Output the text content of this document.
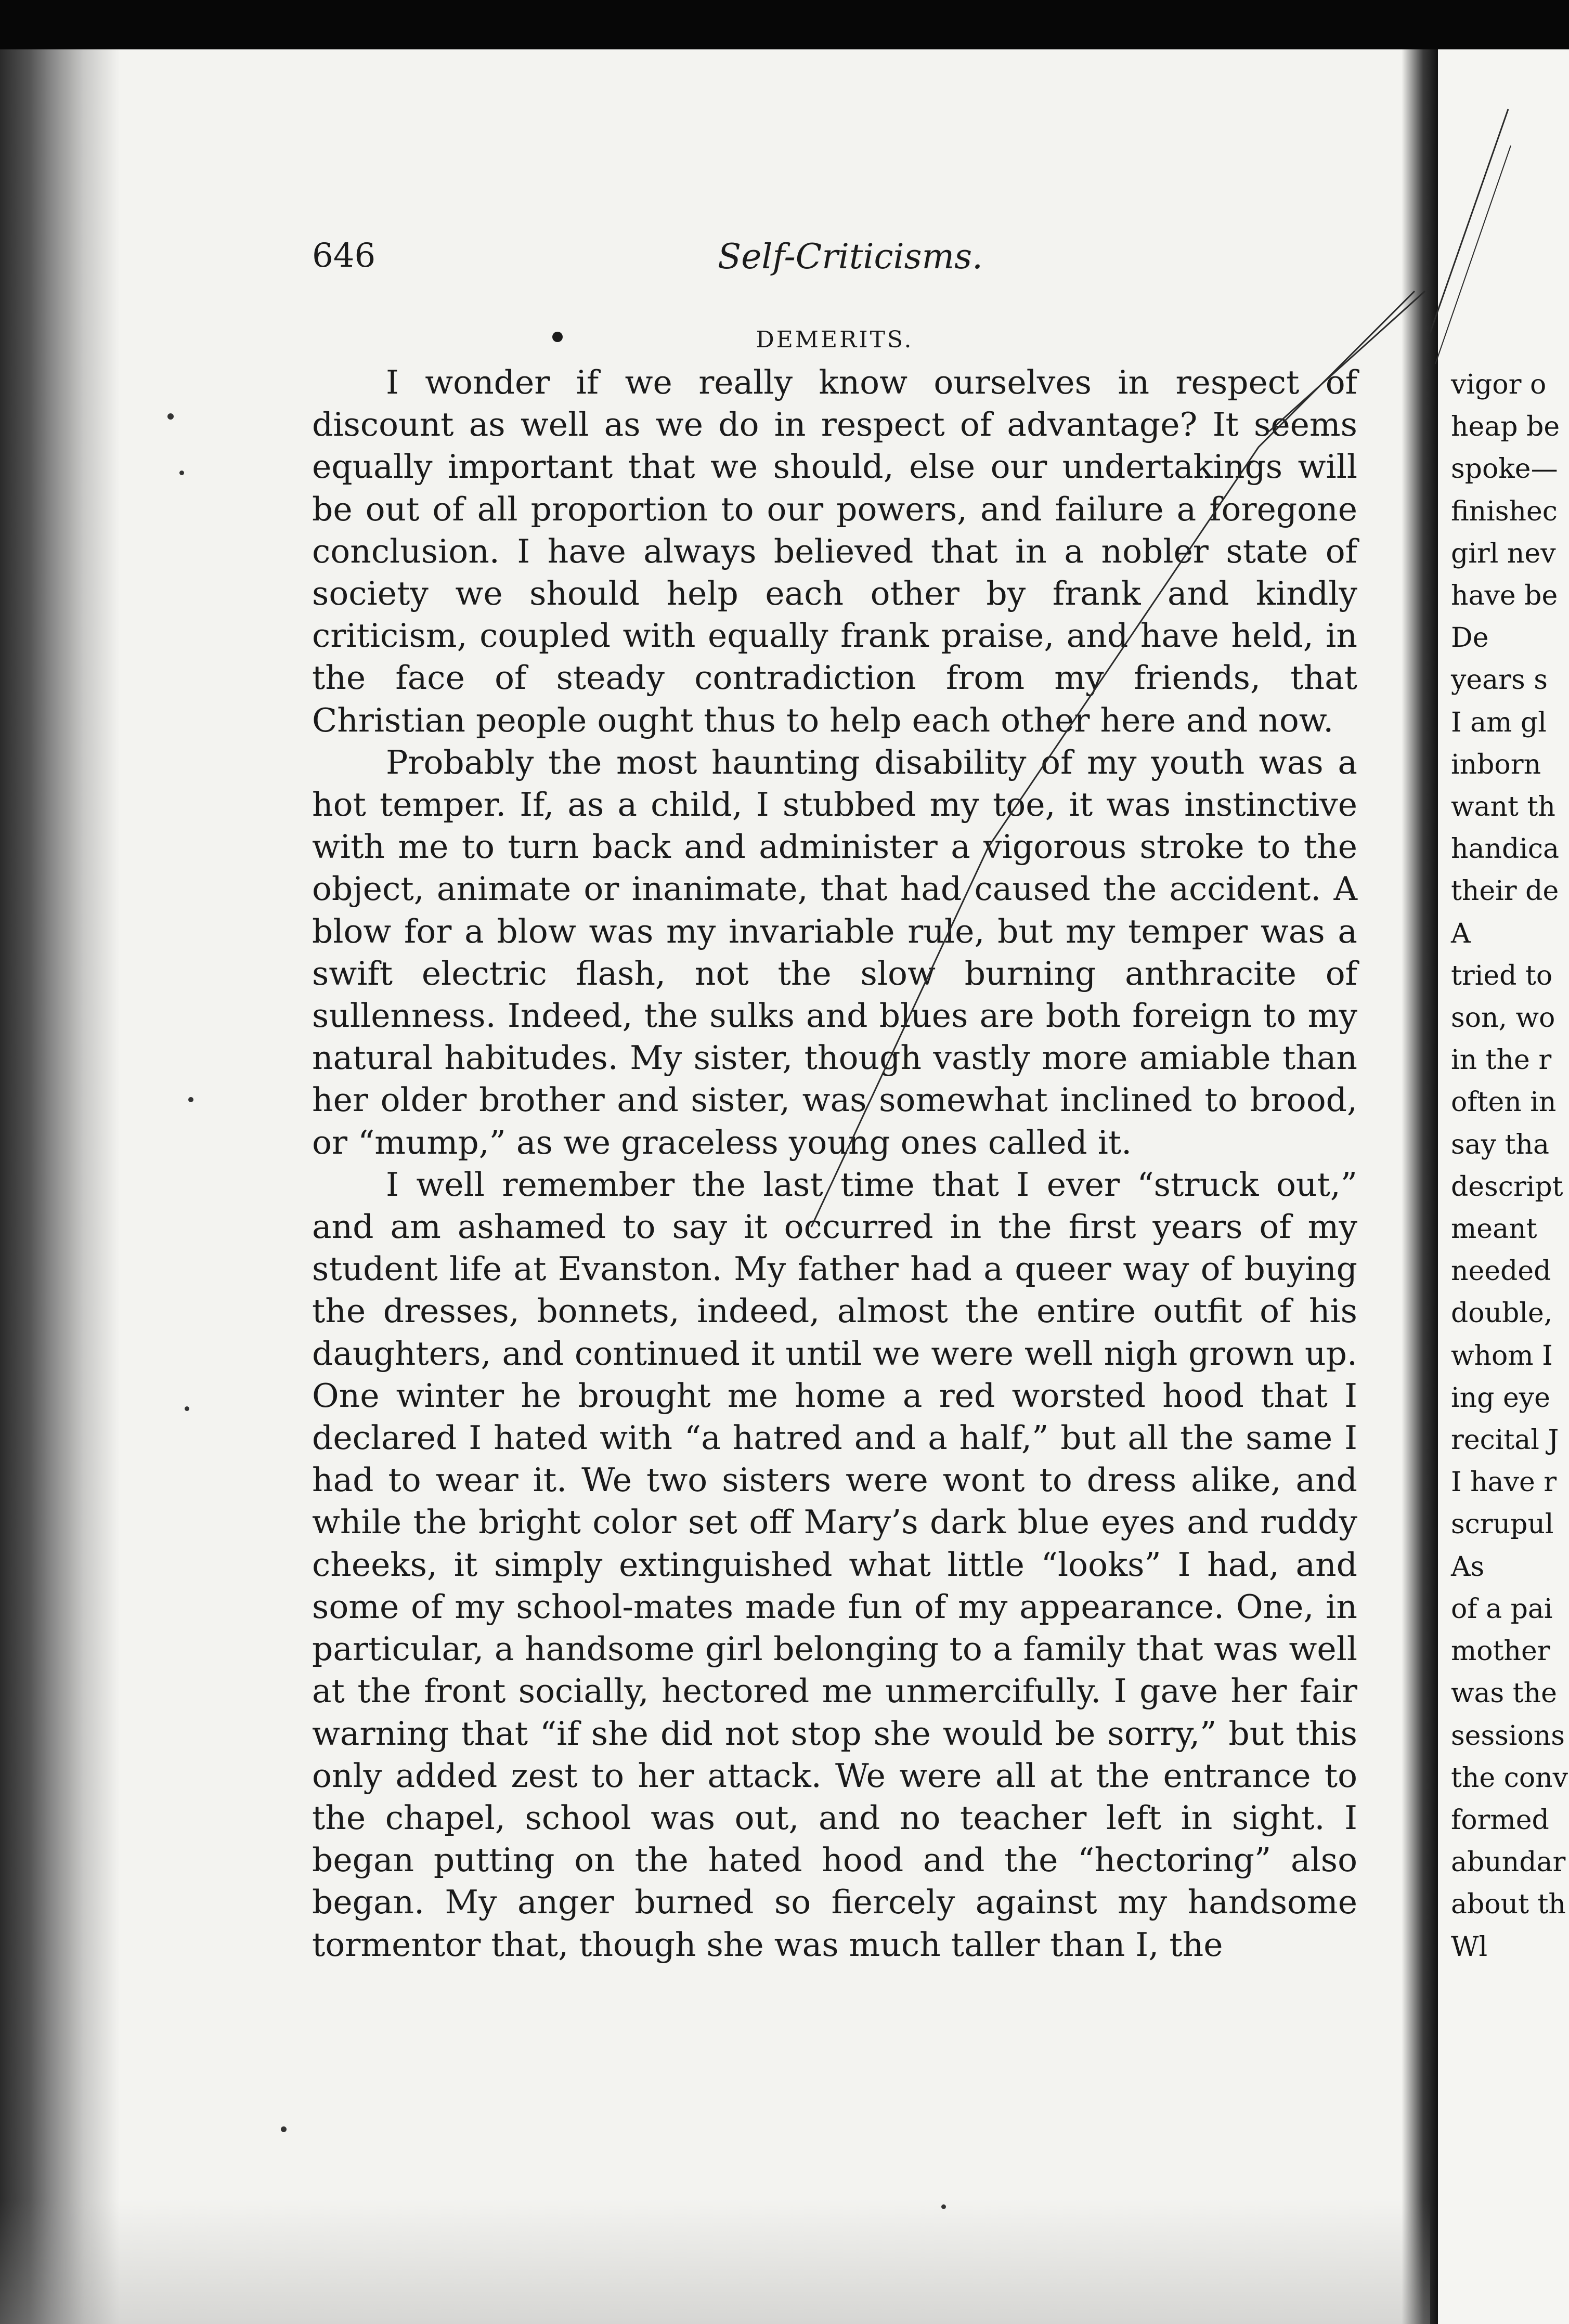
vigor o
heap be
spoke—
finishec
girl nev
have be
De
years s
I am gl
inborn
want th
handica
their de
A
tried to
son, wo
in the r
often in
say tha
descript
meant
needed
double,
whom I
ing eye
recital J
I have r
scrupul
As
of a pai
mother
was the
sessions
the conv
formed
abundar
about th
Wl
646	Self-Criticisms.
DEMERITS.

I wonder if we really know ourselves in respect of discount as well as we do in respect of advantage? It seems equally important that we should, else our undertakings will be out of all proportion to our powers, and failure a foregone conclusion. I have always believed that in a nobler state of society we should help each other by frank and kindly criticism, coupled with equally frank praise, and have held, in the face of steady contradiction from my friends, that Christian people ought thus to help each other here and now.

Probably the most haunting disability of my youth was a hot temper. If, as a child, I stubbed my toe, it was instinctive with me to turn back and administer a vigorous stroke to the object, animate or inanimate, that had caused the accident. A blow for a blow was my invariable rule, but my temper was a swift electric flash, not the slow burning anthracite of sullenness. Indeed, the sulks and blues are both foreign to my natural habitudes. My sister, though vastly more amiable than her older brother and sister, was somewhat inclined to brood, or “mump,” as we graceless young ones called it.

I well remember the last time that I ever “struck out,” and am ashamed to say it occurred in the first years of my student life at Evanston. My father had a queer way of buying the dresses, bonnets, indeed, almost the entire outfit of his daughters, and continued it until we were well nigh grown up. One winter he brought me home a red worsted hood that I declared I hated with “a hatred and a half,” but all the same I had to wear it. We two sisters were wont to dress alike, and while the bright color set off Mary’s dark blue eyes and ruddy cheeks, it simply extinguished what little “looks” I had, and some of my school-mates made fun of my appearance. One, in particular, a handsome girl belonging to a family that was well at the front socially, hectored me unmercifully. I gave her fair warning that “if she did not stop she would be sorry,” but this only added zest to her attack. We were all at the entrance to the chapel, school was out, and no teacher left in sight. I began putting on the hated hood and the “hectoring” also began. My anger burned so fiercely against my handsome tormentor that, though she was much taller than I, the
